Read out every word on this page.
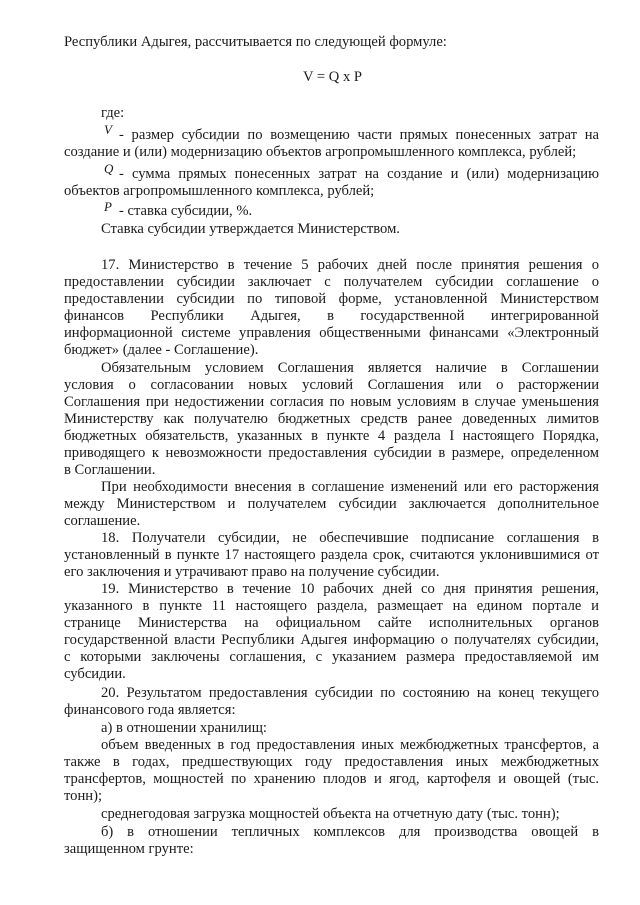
Республики Адыгея, рассчитывается по следующей формуле:
V = Q x P
где:
V - размер субсидии по возмещению части прямых понесенных затрат на
создание и (или) модернизацию объектов агропромышленного комплекса, рублей;
Q - сумма прямых понесенных затрат на создание и (или) модернизацию
объектов агропромышленного комплекса, рублей;
P - ставка субсидии, %.
Ставка субсидии утверждается Министерством.
17. Министерство в течение 5 рабочих дней после принятия решения о
предоставлении субсидии заключает с получателем субсидии соглашение о
предоставлении субсидии по типовой форме, установленной Министерством
финансов Республики Адыгея, в государственной интегрированной
информационной системе управления общественными финансами «Электронный
бюджет» (далее - Соглашение).
Обязательным условием Соглашения является наличие в Соглашении
условия о согласовании новых условий Соглашения или о расторжении
Соглашения при недостижении согласия по новым условиям в случае уменьшения
Министерству как получателю бюджетных средств ранее доведенных лимитов
бюджетных обязательств, указанных в пункте 4 раздела I настоящего Порядка,
приводящего к невозможности предоставления субсидии в размере, определенном
в Соглашении.
При необходимости внесения в соглашение изменений или его расторжения
между Министерством и получателем субсидии заключается дополнительное
соглашение.
18. Получатели субсидии, не обеспечившие подписание соглашения в
установленный в пункте 17 настоящего раздела срок, считаются уклонившимися от
его заключения и утрачивают право на получение субсидии.
19. Министерство в течение 10 рабочих дней со дня принятия решения,
указанного в пункте 11 настоящего раздела, размещает на едином портале и
странице Министерства на официальном сайте исполнительных органов
государственной власти Республики Адыгея информацию о получателях субсидии,
с которыми заключены соглашения, с указанием размера предоставляемой им
субсидии.
20. Результатом предоставления субсидии по состоянию на конец текущего
финансового года является:
а) в отношении хранилищ:
объем введенных в год предоставления иных межбюджетных трансфертов, а
также в годах, предшествующих году предоставления иных межбюджетных
трансфертов, мощностей по хранению плодов и ягод, картофеля и овощей (тыс.
тонн);
среднегодовая загрузка мощностей объекта на отчетную дату (тыс. тонн);
б) в отношении тепличных комплексов для производства овощей в
защищенном грунте:
